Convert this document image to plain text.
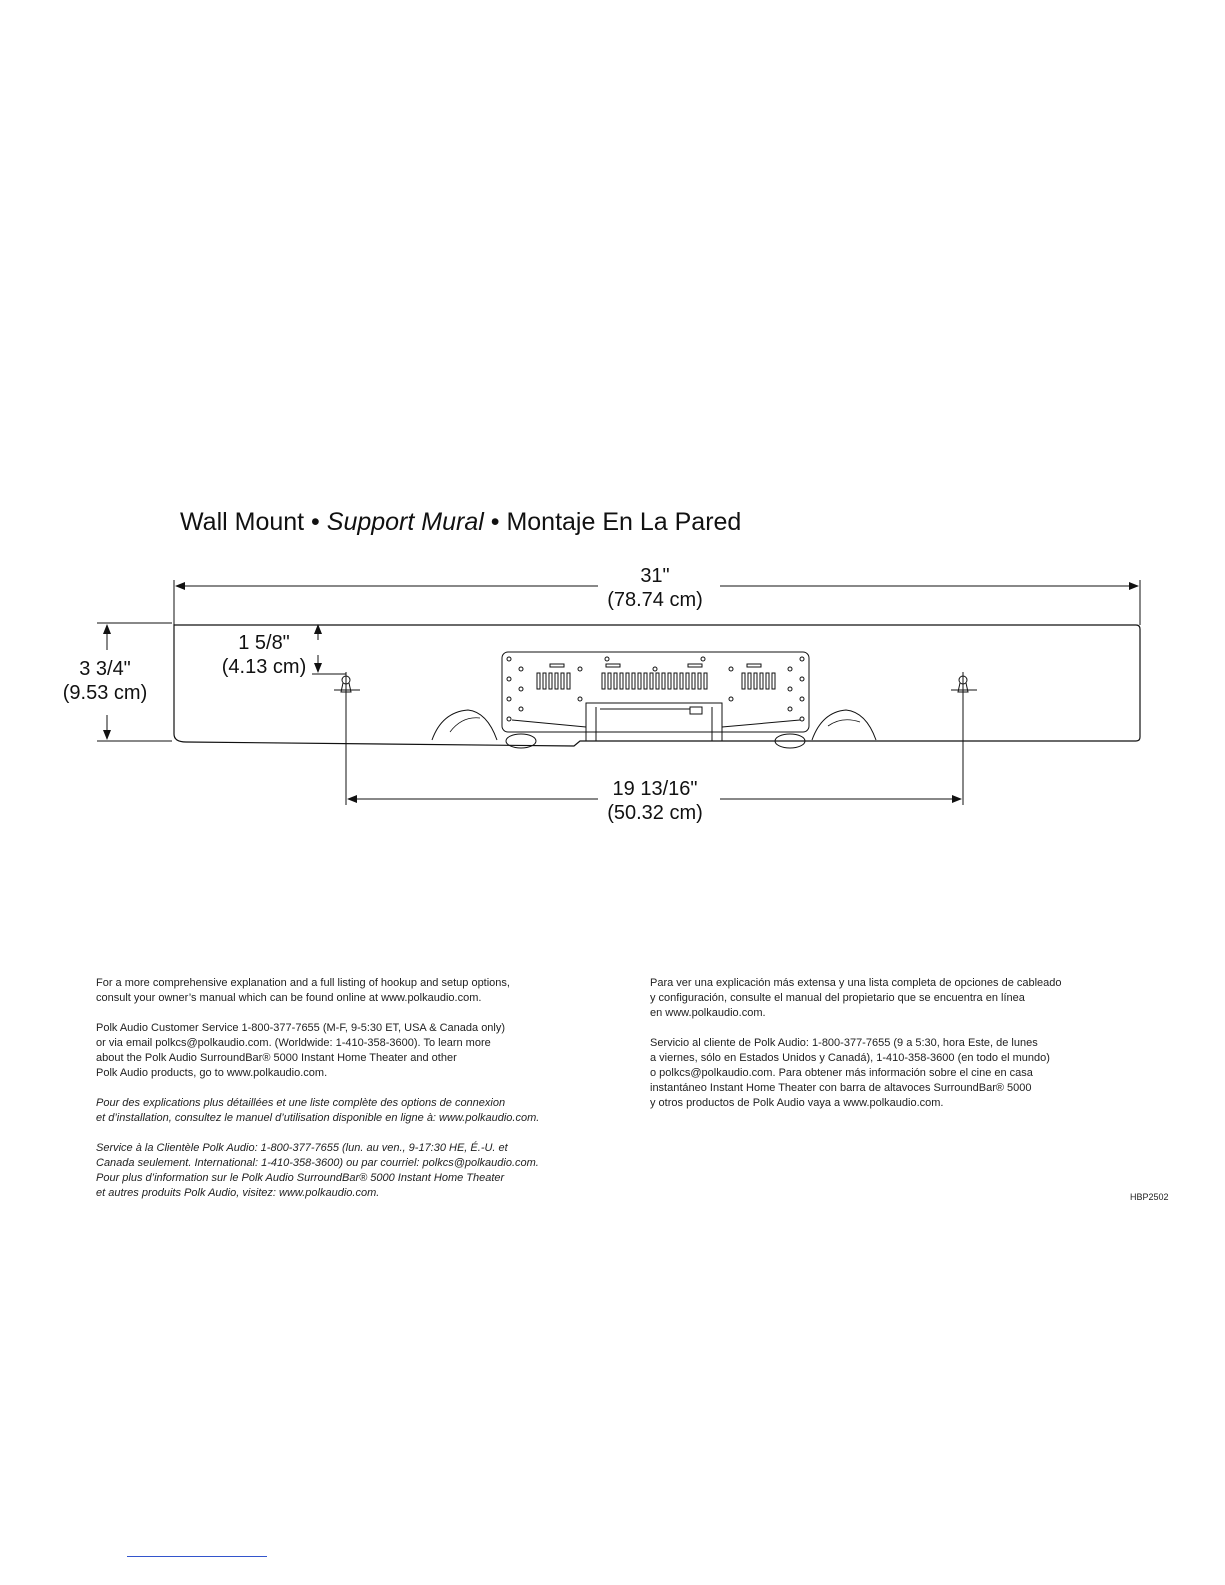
Wall Mount • Support Mural • Montaje En La Pared
31"
(78.74 cm)
3 3/4"
(9.53 cm)
1 5/8"
(4.13 cm)
19 13/16"
(50.32 cm)

For a more comprehensive explanation and a full listing of hookup and setup options,
consult your owner’s manual which can be found online at www.polkaudio.com.

Polk Audio Customer Service 1-800-377-7655 (M-F, 9-5:30 ET, USA & Canada only)
or via email polkcs@polkaudio.com. (Worldwide: 1-410-358-3600). To learn more
about the Polk Audio SurroundBar® 5000 Instant Home Theater and other
Polk Audio products, go to www.polkaudio.com.

Pour des explications plus détaillées et une liste complète des options de connexion
et d’installation, consultez le manuel d’utilisation disponible en ligne à: www.polkaudio.com.

Service à la Clientèle Polk Audio: 1-800-377-7655 (lun. au ven., 9-17:30 HE, É.-U. et
Canada seulement. International: 1-410-358-3600) ou par courriel: polkcs@polkaudio.com.
Pour plus d’information sur le Polk Audio SurroundBar® 5000 Instant Home Theater
et autres produits Polk Audio, visitez: www.polkaudio.com.

Para ver una explicación más extensa y una lista completa de opciones de cableado
y configuración, consulte el manual del propietario que se encuentra en línea
en www.polkaudio.com.

Servicio al cliente de Polk Audio: 1-800-377-7655 (9 a 5:30, hora Este, de lunes
a viernes, sólo en Estados Unidos y Canadá), 1-410-358-3600 (en todo el mundo)
o polkcs@polkaudio.com. Para obtener más información sobre el cine en casa
instantáneo Instant Home Theater con barra de altavoces SurroundBar® 5000
y otros productos de Polk Audio vaya a www.polkaudio.com.

HBP2502
